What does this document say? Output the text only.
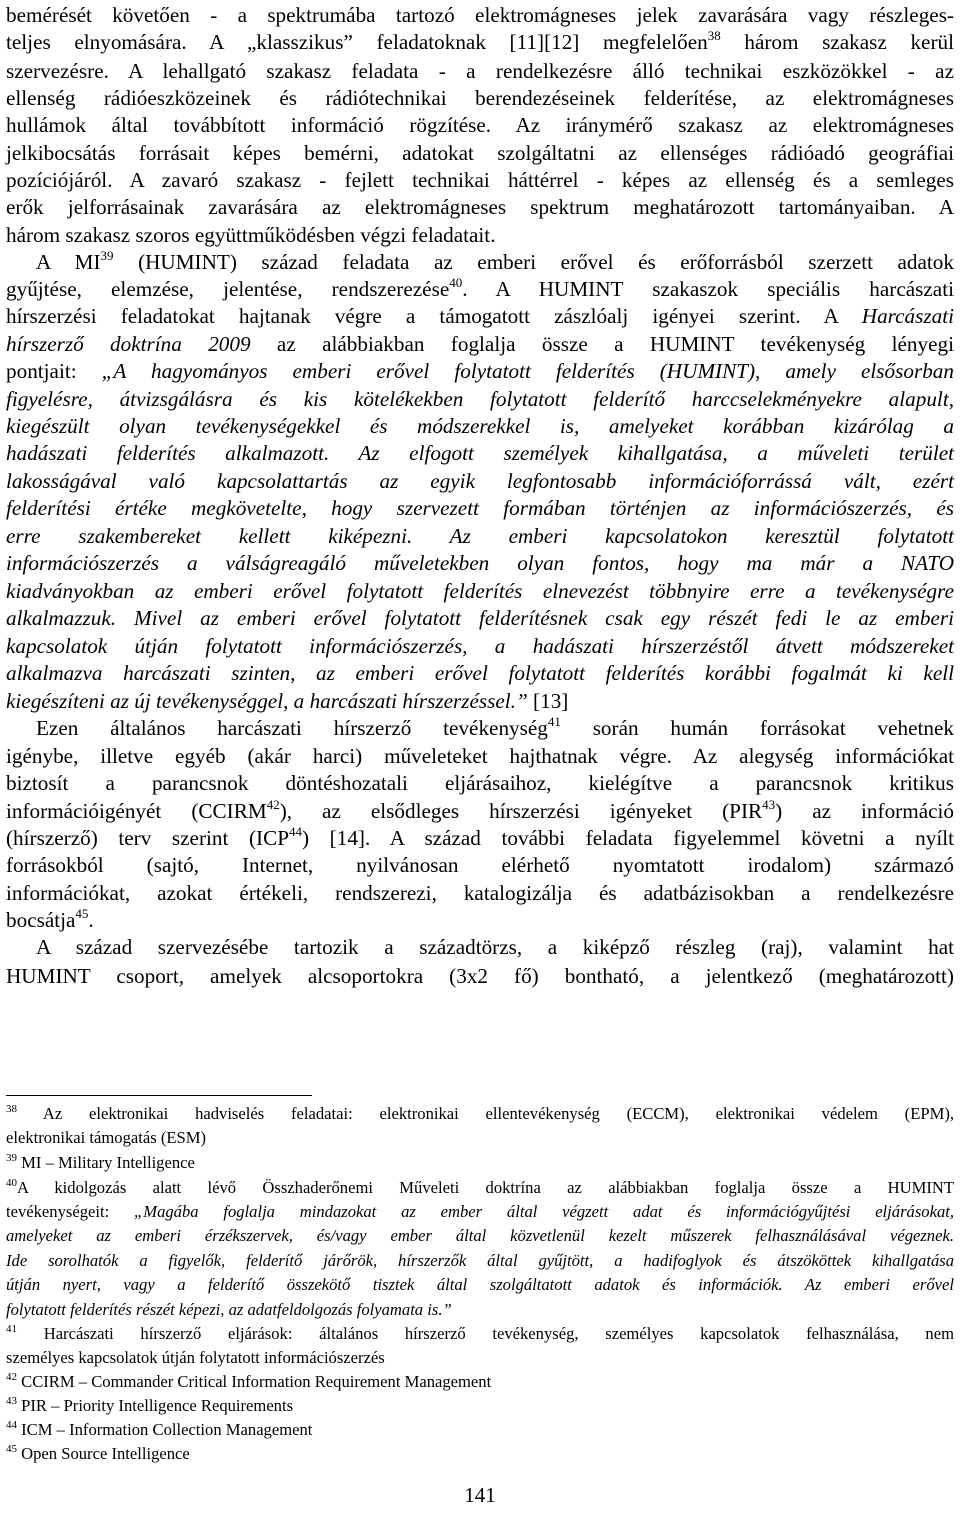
bemérését követően - a spektrumába tartozó elektromágneses jelek zavarására vagy részleges-
teljes elnyomására. A „klasszikus” feladatoknak [11][12] megfelelően$^{38}$ három szakasz kerül
szervezésre. A lehallgató szakasz feladata - a rendelkezésre álló technikai eszközökkel - az
ellenség rádióeszközeinek és rádiótechnikai berendezéseinek felderítése, az elektromágneses
hullámok által továbbított információ rögzítése. Az iránymérő szakasz az elektromágneses
jelkibocsátás forrásait képes bemérni, adatokat szolgáltatni az ellenséges rádióadó geográfiai
pozíciójáról. A zavaró szakasz - fejlett technikai háttérrel - képes az ellenség és a semleges
erők jelforrásainak zavarására az elektromágneses spektrum meghatározott tartományaiban. A
három szakasz szoros együttműködésben végzi feladatait.
A MI$^{39}$ (HUMINT) század feladata az emberi erővel és erőforrásból szerzett adatok
gyűjtése, elemzése, jelentése, rendszerezése$^{40}$. A HUMINT szakaszok speciális harcászati
hírszerzési feladatokat hajtanak végre a támogatott zászlóalj igényei szerint. A Harcászati
hírszerző doktrína 2009 az alábbiakban foglalja össze a HUMINT tevékenység lényegi
pontjait: „A hagyományos emberi erővel folytatott felderítés (HUMINT), amely elsősorban
figyelésre, átvizsgálásra és kis kötelékekben folytatott felderítő harccselekményekre alapult,
kiegészült olyan tevékenységekkel és módszerekkel is, amelyeket korábban kizárólag a
hadászati felderítés alkalmazott. Az elfogott személyek kihallgatása, a műveleti terület
lakosságával való kapcsolattartás az egyik legfontosabb információforrássá vált, ezért
felderítési értéke megkövetelte, hogy szervezett formában történjen az információszerzés, és
erre szakembereket kellett kiképezni. Az emberi kapcsolatokon keresztül folytatott
információszerzés a válságreagáló műveletekben olyan fontos, hogy ma már a NATO
kiadványokban az emberi erővel folytatott felderítés elnevezést többnyire erre a tevékenységre
alkalmazzuk. Mivel az emberi erővel folytatott felderítésnek csak egy részét fedi le az emberi
kapcsolatok útján folytatott információszerzés, a hadászati hírszerzéstől átvett módszereket
alkalmazva harcászati szinten, az emberi erővel folytatott felderítés korábbi fogalmát ki kell
kiegészíteni az új tevékenységgel, a harcászati hírszerzéssel.” [13]
Ezen általános harcászati hírszerző tevékenység$^{41}$ során humán forrásokat vehetnek
igénybe, illetve egyéb (akár harci) műveleteket hajthatnak végre. Az alegység információkat
biztosít a parancsnok döntéshozatali eljárásaihoz, kielégítve a parancsnok kritikus
információigényét (CCIRM$^{42}$), az elsődleges hírszerzési igényeket (PIR$^{43}$) az információ
(hírszerző) terv szerint (ICP$^{44}$) [14]. A század további feladata figyelemmel követni a nyílt
forrásokból (sajtó, Internet, nyilvánosan elérhető nyomtatott irodalom) származó
információkat, azokat értékeli, rendszerezi, katalogizálja és adatbázisokban a rendelkezésre
bocsátja$^{45}$.
A század szervezésébe tartozik a századtörzs, a kiképző részleg (raj), valamint hat
HUMINT csoport, amelyek alcsoportokra (3x2 fő) bontható, a jelentkező (meghatározott)
$^{38}$ Az elektronikai hadviselés feladatai: elektronikai ellentevékenység (ECCM), elektronikai védelem (EPM),
elektronikai támogatás (ESM)
$^{39}$ MI – Military Intelligence
$^{40}$A kidolgozás alatt lévő Összhaderőnemi Műveleti doktrína az alábbiakban foglalja össze a HUMINT
tevékenységeit: „Magába foglalja mindazokat az ember által végzett adat és információgyűjtési eljárásokat,
amelyeket az emberi érzékszervek, és/vagy ember által közvetlenül kezelt műszerek felhasználásával végeznek.
Ide sorolhatók a figyelők, felderítő járőrök, hírszerzők által gyűjtött, a hadifoglyok és átszököttek kihallgatása
útján nyert, vagy a felderítő összekötő tisztek által szolgáltatott adatok és információk. Az emberi erővel
folytatott felderítés részét képezi, az adatfeldolgozás folyamata is.”
$^{41}$ Harcászati hírszerző eljárások: általános hírszerző tevékenység, személyes kapcsolatok felhasználása, nem
személyes kapcsolatok útján folytatott információszerzés
$^{42}$ CCIRM – Commander Critical Information Requirement Management
$^{43}$ PIR – Priority Intelligence Requirements
$^{44}$ ICM – Information Collection Management
$^{45}$ Open Source Intelligence
141
